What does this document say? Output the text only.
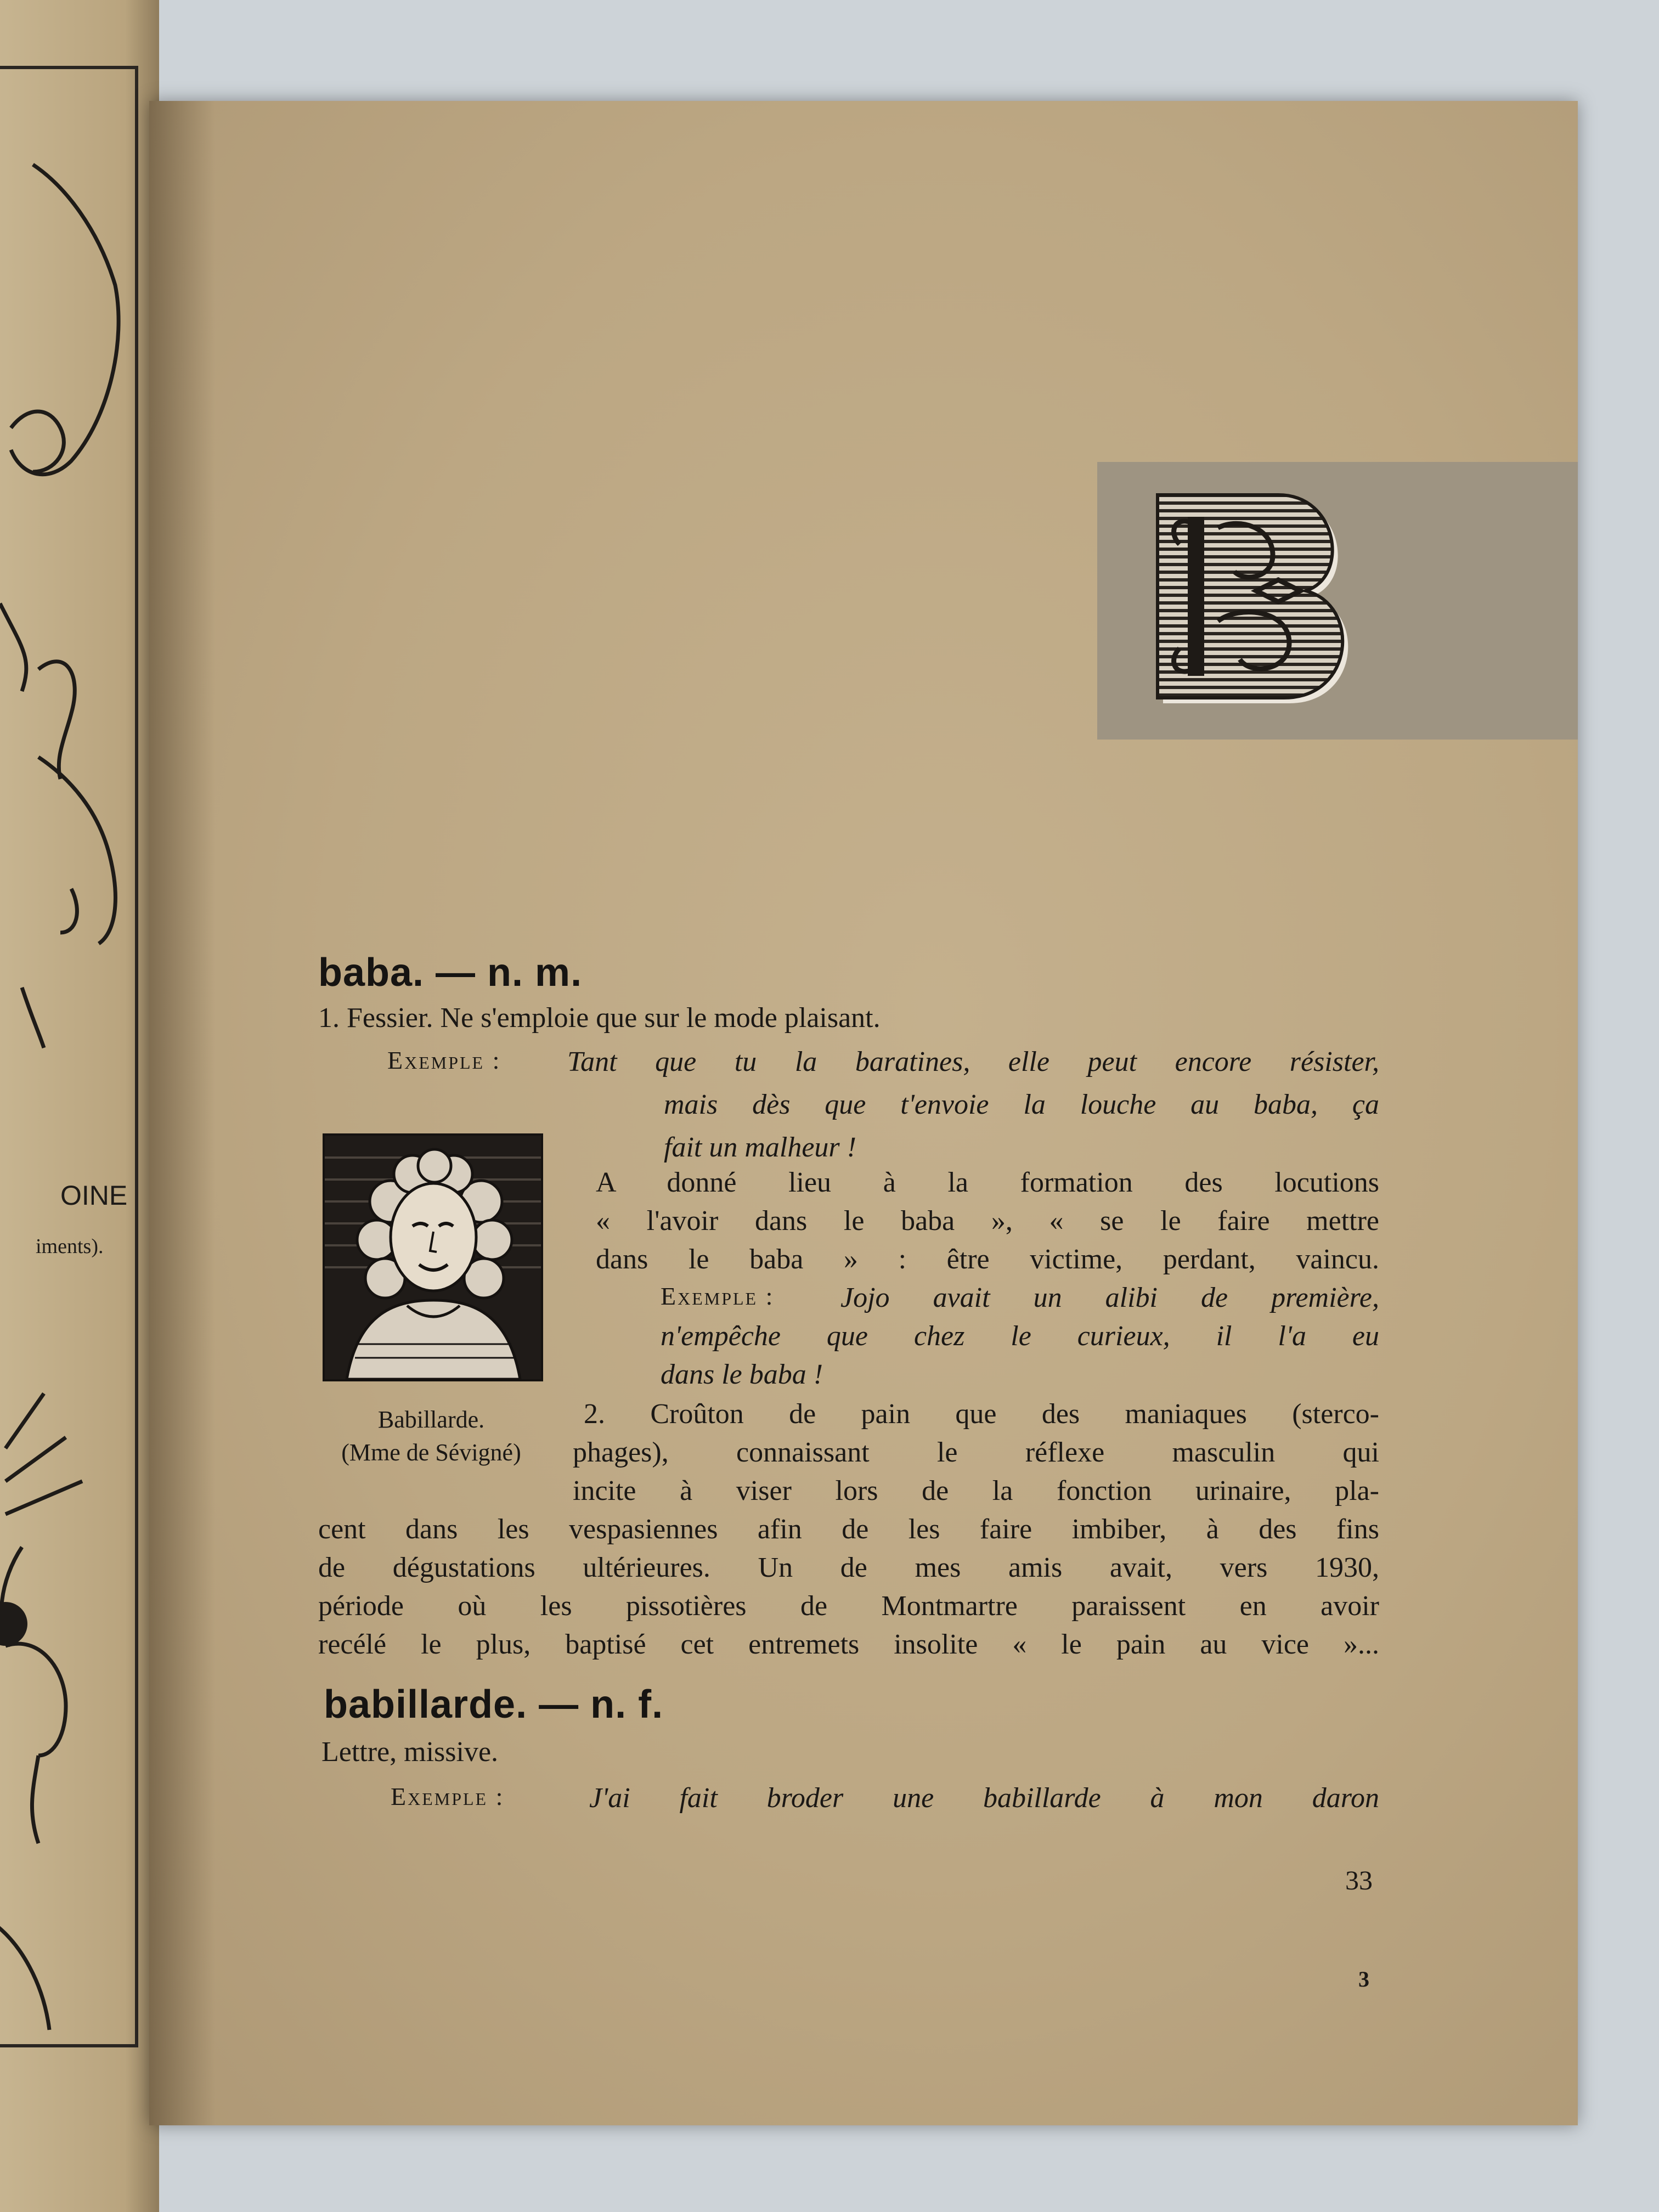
OINE
iments).
baba. — n. m.
1. Fessier. Ne s'emploie que sur le mode plaisant.
Exemple : Tant que tu la baratines, elle peut encore résister,
mais dès que t'envoie la louche au baba, ça
fait un malheur !
A donné lieu à la formation des locutions
« l'avoir dans le baba », « se le faire mettre
dans le baba » : être victime, perdant, vaincu.
Exemple : Jojo avait un alibi de première,
n'empêche que chez le curieux, il l'a eu
dans le baba !
2. Croûton de pain que des maniaques (sterco-
phages), connaissant le réflexe masculin qui
incite à viser lors de la fonction urinaire, pla-
cent dans les vespasiennes afin de les faire imbiber, à des fins
de dégustations ultérieures. Un de mes amis avait, vers 1930,
période où les pissotières de Montmartre paraissent en avoir
recélé le plus, baptisé cet entremets insolite « le pain au vice »...
Babillarde.
(Mme de Sévigné)
babillarde. — n. f.
Lettre, missive.
Exemple :	J'ai fait broder une babillarde à mon daron
33
3
